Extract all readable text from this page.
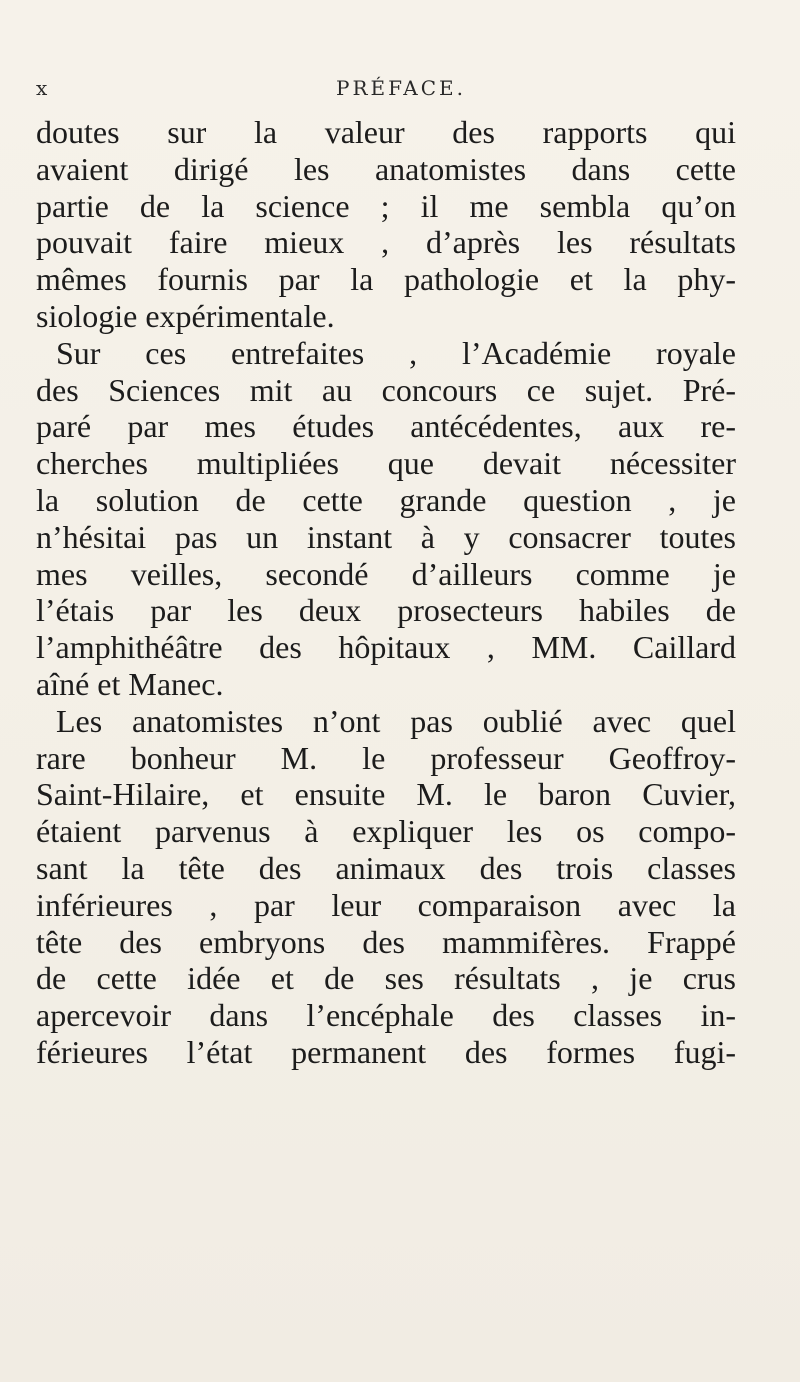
x	PRÉFACE.
doutes sur la valeur des rapports qui
avaient dirigé les anatomistes dans cette
partie de la science ; il me sembla qu’on
pouvait faire mieux , d’après les résultats
mêmes fournis par la pathologie et la phy-
siologie expérimentale.
Sur ces entrefaites , l’Académie royale
des Sciences mit au concours ce sujet. Pré-
paré par mes études antécédentes, aux re-
cherches multipliées que devait nécessiter
la solution de cette grande question , je
n’hésitai pas un instant à y consacrer toutes
mes veilles, secondé d’ailleurs comme je
l’étais par les deux prosecteurs habiles de
l’amphithéâtre des hôpitaux , MM. Caillard
aîné et Manec.
Les anatomistes n’ont pas oublié avec quel
rare bonheur M. le professeur Geoffroy-
Saint-Hilaire, et ensuite M. le baron Cuvier,
étaient parvenus à expliquer les os compo-
sant la tête des animaux des trois classes
inférieures , par leur comparaison avec la
tête des embryons des mammifères. Frappé
de cette idée et de ses résultats , je crus
apercevoir dans l’encéphale des classes in-
férieures l’état permanent des formes fugi-
